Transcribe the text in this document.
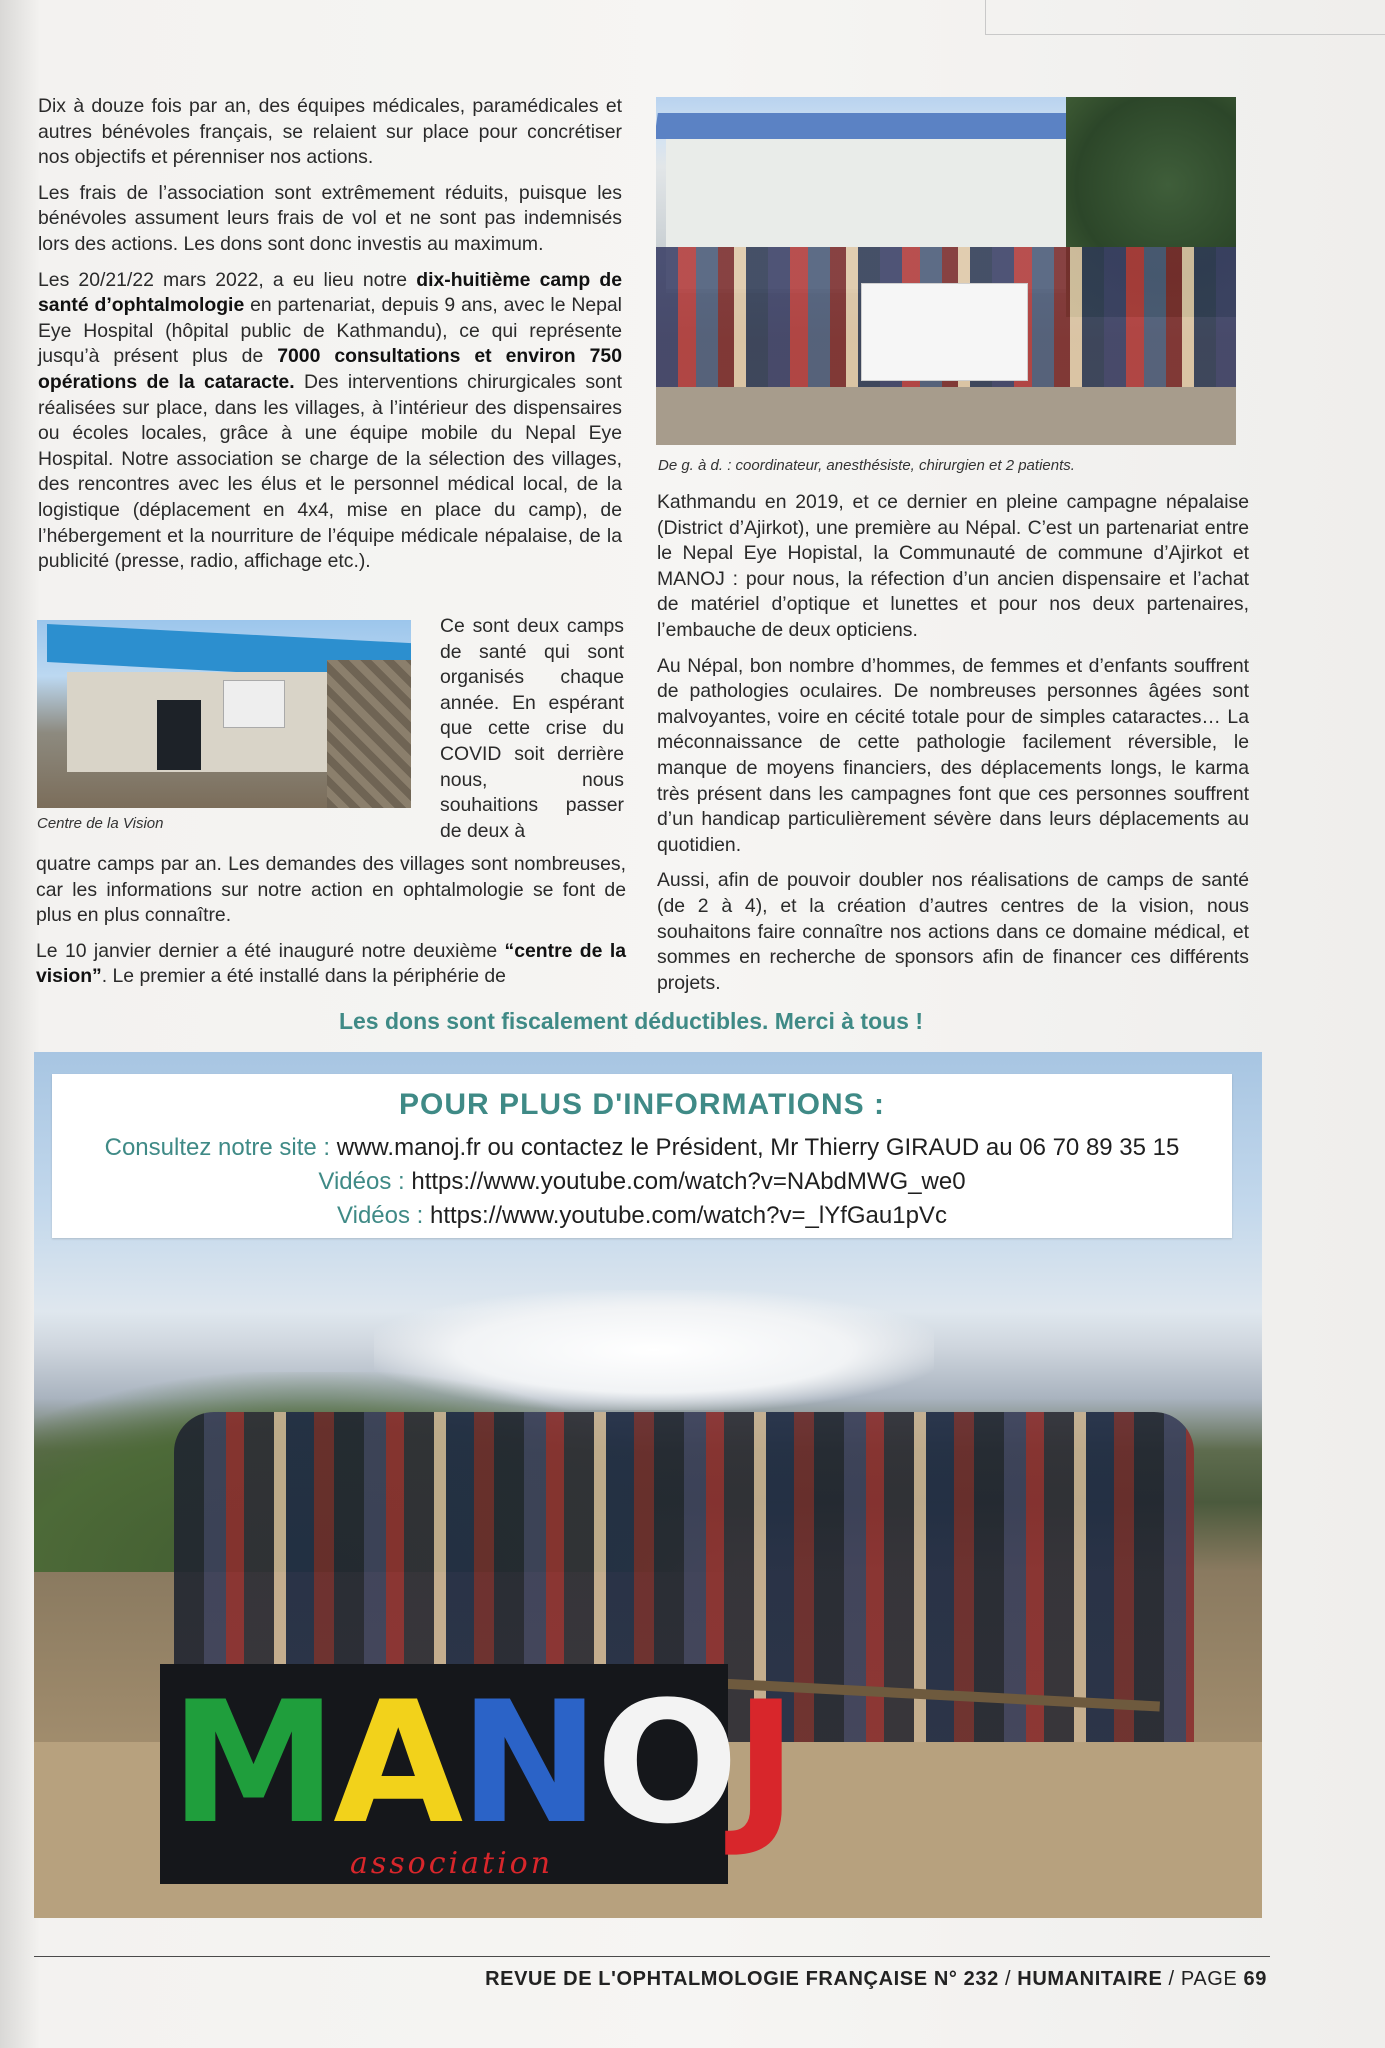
Dix à douze fois par an, des équipes médicales, paramédicales et autres bénévoles français, se relaient sur place pour concrétiser nos objectifs et pérenniser nos actions.

Les frais de l’association sont extrêmement réduits, puisque les bénévoles assument leurs frais de vol et ne sont pas indemnisés lors des actions. Les dons sont donc investis au maximum.

Les 20/21/22 mars 2022, a eu lieu notre dix-huitième camp de santé d’ophtalmologie en partenariat, depuis 9 ans, avec le Nepal Eye Hospital (hôpital public de Kathmandu), ce qui représente jusqu’à présent plus de 7000 consultations et environ 750 opérations de la cataracte. Des interventions chirurgicales sont réalisées sur place, dans les villages, à l’intérieur des dispensaires ou écoles locales, grâce à une équipe mobile du Nepal Eye Hospital. Notre association se charge de la sélection des villages, des rencontres avec les élus et le personnel médical local, de la logistique (déplacement en 4x4, mise en place du camp), de l’hébergement et la nourriture de l’équipe médicale népalaise, de la publicité (presse, radio, affichage etc.).

Centre de la Vision
Ce sont deux camps de santé qui sont organisés chaque année. En espérant que cette crise du COVID soit derrière nous, nous souhaitions passer de deux à

quatre camps par an. Les demandes des villages sont nombreuses, car les informations sur notre action en ophtalmologie se font de plus en plus connaître.

Le 10 janvier dernier a été inauguré notre deuxième “centre de la vision”. Le premier a été installé dans la périphérie de

De g. à d. : coordinateur, anesthésiste, chirurgien et 2 patients.

Kathmandu en 2019, et ce dernier en pleine campagne népalaise (District d’Ajirkot), une première au Népal. C’est un partenariat entre le Nepal Eye Hopistal, la Communauté de commune d’Ajirkot et MANOJ : pour nous, la réfection d’un ancien dispensaire et l’achat de matériel d’optique et lunettes et pour nos deux partenaires, l’embauche de deux opticiens.

Au Népal, bon nombre d’hommes, de femmes et d’enfants souffrent de pathologies oculaires. De nombreuses personnes âgées sont malvoyantes, voire en cécité totale pour de simples cataractes… La méconnaissance de cette pathologie facilement réversible, le manque de moyens financiers, des déplacements longs, le karma très présent dans les campagnes font que ces personnes souffrent d’un handicap particulièrement sévère dans leurs déplacements au quotidien.

Aussi, afin de pouvoir doubler nos réalisations de camps de santé (de 2 à 4), et la création d’autres centres de la vision, nous souhaitons faire connaître nos actions dans ce domaine médical, et sommes en recherche de sponsors afin de financer ces différents projets.

Les dons sont fiscalement déductibles. Merci à tous !
POUR PLUS D'INFORMATIONS :
Consultez notre site : www.manoj.fr ou contactez le Président, Mr Thierry GIRAUD au 06 70 89 35 15
Vidéos : https://www.youtube.com/watch?v=NAbdMWG_we0
Vidéos : https://www.youtube.com/watch?v=_lYfGau1pVc
MANOJ
association
REVUE DE L'OPHTALMOLOGIE FRANÇAISE N° 232 / HUMANITAIRE / PAGE 69
